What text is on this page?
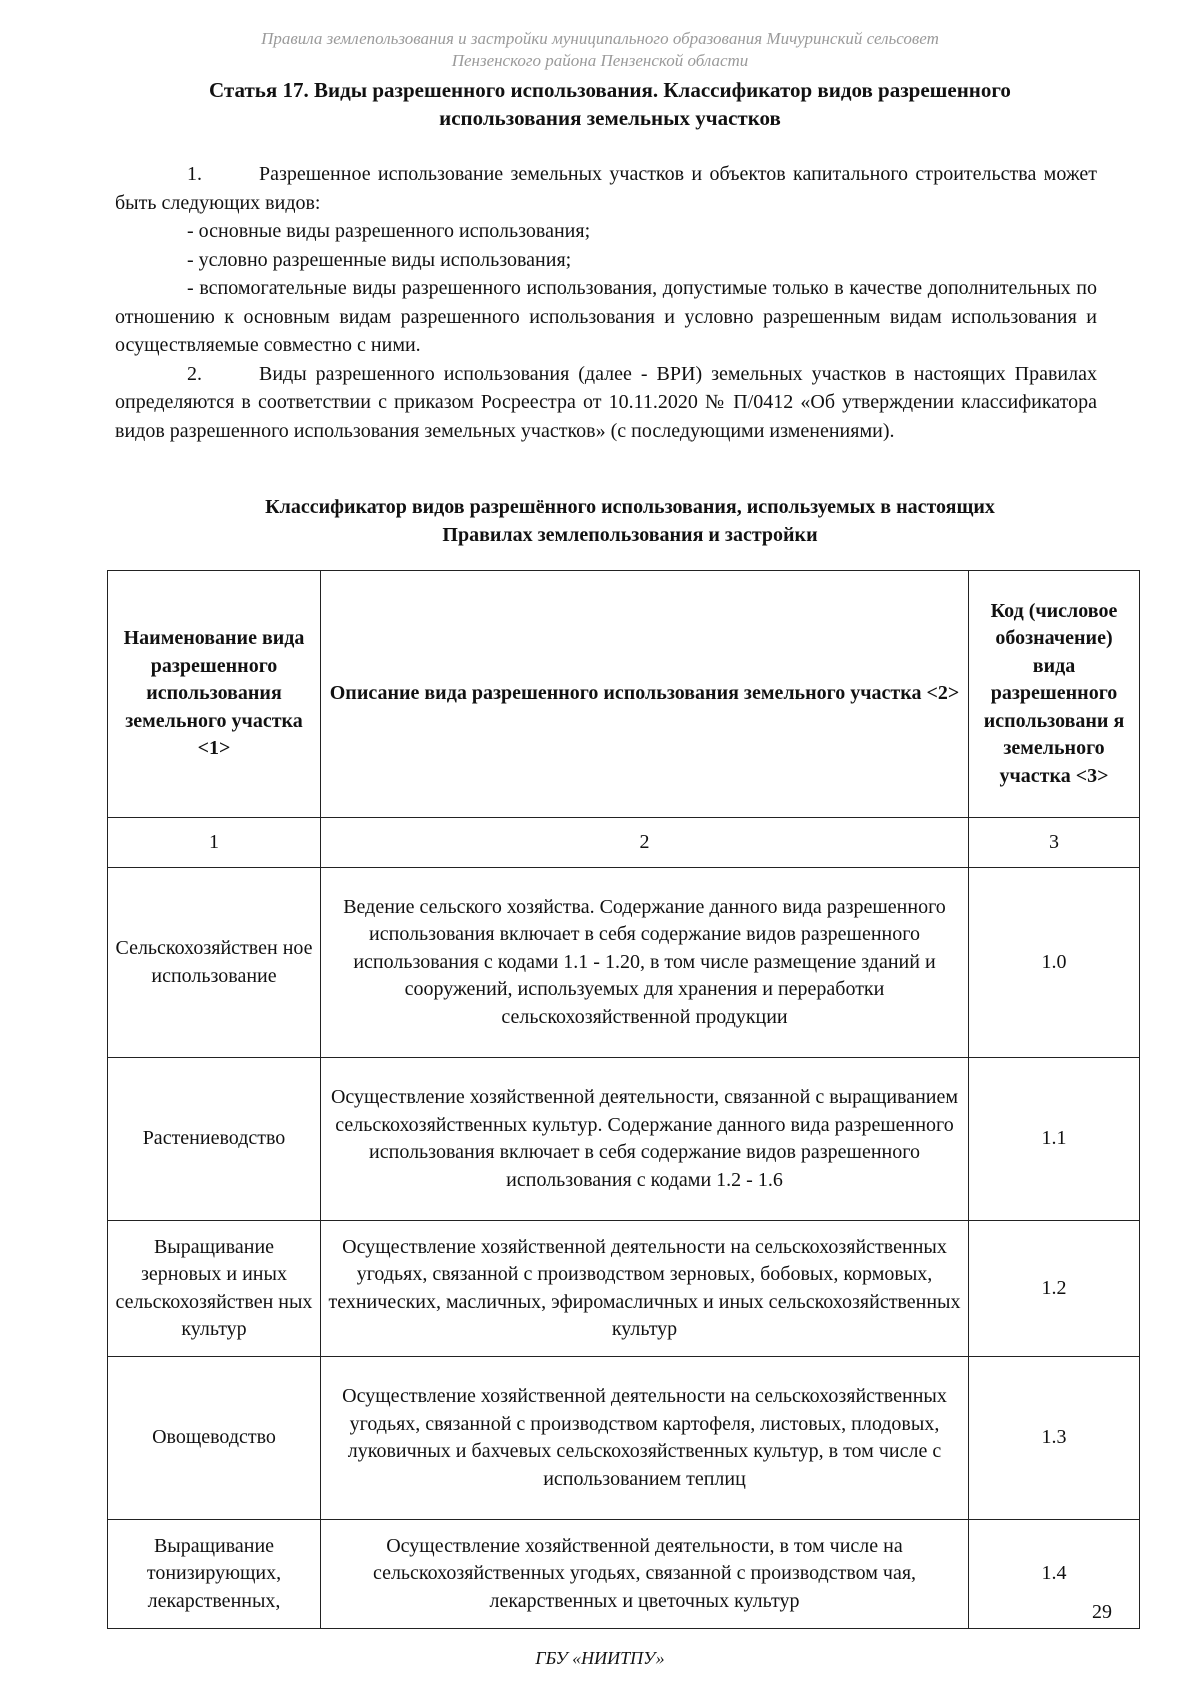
Правила землепользования и застройки муниципального образования Мичуринский сельсовет
Пензенского района Пензенской области
Статья 17. Виды разрешенного использования. Классификатор видов разрешенного
использования земельных участков

1.	Разрешенное использование земельных участков и объектов капитального строительства может быть следующих видов:

- основные виды разрешенного использования;

- условно разрешенные виды использования;

- вспомогательные виды разрешенного использования, допустимые только в качестве дополнительных по отношению к основным видам разрешенного использования и условно разрешенным видам использования и осуществляемые совместно с ними.

2.	Виды разрешенного использования (далее - ВРИ) земельных участков в настоящих Правилах определяются в соответствии с приказом Росреестра от 10.11.2020 № П/0412 «Об утверждении классификатора видов разрешенного использования земельных участков» (с последующими изменениями).

Классификатор видов разрешённого использования, используемых в настоящих
Правилах землепользования и застройки
Наименование вида разрешенного использования земельного участка <1>	Описание вида разрешенного использования земельного участка <2>	Код (числовое обозначение) вида разрешенного использовани я земельного участка <3>
1	2	3
Сельскохозяйствен ное использование	Ведение сельского хозяйства. Содержание данного вида разрешенного использования включает в себя содержание видов разрешенного использования с кодами 1.1 - 1.20, в том числе размещение зданий и сооружений, используемых для хранения и переработки сельскохозяйственной продукции	1.0
Растениеводство	Осуществление хозяйственной деятельности, связанной с выращиванием сельскохозяйственных культур. Содержание данного вида разрешенного использования включает в себя содержание видов разрешенного использования с кодами 1.2 - 1.6	1.1
Выращивание зерновых и иных сельскохозяйствен ных культур	Осуществление хозяйственной деятельности на сельскохозяйственных угодьях, связанной с производством зерновых, бобовых, кормовых, технических, масличных, эфиромасличных и иных сельскохозяйственных культур	1.2
Овощеводство	Осуществление хозяйственной деятельности на сельскохозяйственных угодьях, связанной с производством картофеля, листовых, плодовых, луковичных и бахчевых сельскохозяйственных культур, в том числе с использованием теплиц	1.3
Выращивание тонизирующих, лекарственных,	Осуществление хозяйственной деятельности, в том числе на сельскохозяйственных угодьях, связанной с производством чая, лекарственных и цветочных культур	1.4
29
ГБУ «НИИТПУ»
